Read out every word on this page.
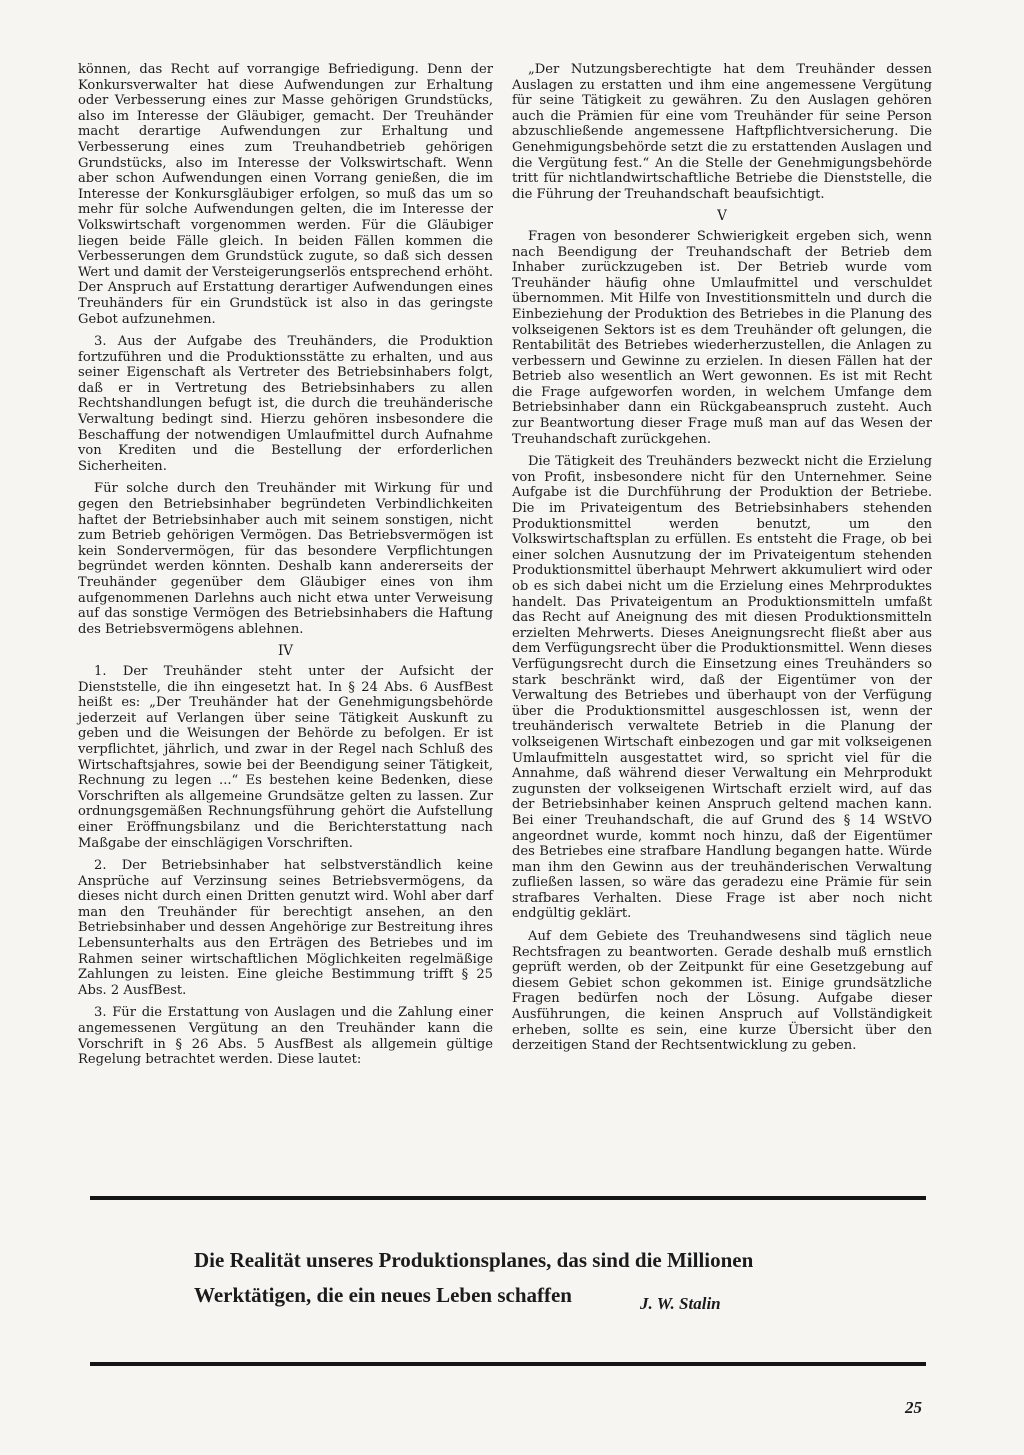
können, das Recht auf vorrangige Befriedigung. Denn der Konkursverwalter hat diese Aufwendungen zur Erhaltung oder Verbesserung eines zur Masse gehörigen Grundstücks, also im Interesse der Gläubiger, gemacht. Der Treuhänder macht derartige Aufwendungen zur Erhaltung und Verbesserung eines zum Treuhandbetrieb gehörigen Grundstücks, also im Interesse der Volkswirtschaft. Wenn aber schon Aufwendungen einen Vorrang genießen, die im Interesse der Konkursgläubiger erfolgen, so muß das um so mehr für solche Aufwendungen gelten, die im Interesse der Volkswirtschaft vorgenommen werden. Für die Gläubiger liegen beide Fälle gleich. In beiden Fällen kommen die Verbesserungen dem Grundstück zugute, so daß sich dessen Wert und damit der Versteigerungserlös entsprechend erhöht. Der Anspruch auf Erstattung derartiger Aufwendungen eines Treuhänders für ein Grundstück ist also in das geringste Gebot aufzunehmen.

3. Aus der Aufgabe des Treuhänders, die Produktion fortzuführen und die Produktionsstätte zu erhalten, und aus seiner Eigenschaft als Vertreter des Betriebsinhabers folgt, daß er in Vertretung des Betriebsinhabers zu allen Rechtshandlungen befugt ist, die durch die treuhänderische Verwaltung bedingt sind. Hierzu gehören insbesondere die Beschaffung der notwendigen Umlaufmittel durch Aufnahme von Krediten und die Bestellung der erforderlichen Sicherheiten.

Für solche durch den Treuhänder mit Wirkung für und gegen den Betriebsinhaber begründeten Verbindlichkeiten haftet der Betriebsinhaber auch mit seinem sonstigen, nicht zum Betrieb gehörigen Vermögen. Das Betriebsvermögen ist kein Sondervermögen, für das besondere Verpflichtungen begründet werden könnten. Deshalb kann andererseits der Treuhänder gegenüber dem Gläubiger eines von ihm aufgenommenen Darlehns auch nicht etwa unter Verweisung auf das sonstige Vermögen des Betriebsinhabers die Haftung des Betriebsvermögens ablehnen.

IV

1. Der Treuhänder steht unter der Aufsicht der Dienststelle, die ihn eingesetzt hat. In § 24 Abs. 6 AusfBest heißt es: „Der Treuhänder hat der Genehmigungsbehörde jederzeit auf Verlangen über seine Tätigkeit Auskunft zu geben und die Weisungen der Behörde zu befolgen. Er ist verpflichtet, jährlich, und zwar in der Regel nach Schluß des Wirtschaftsjahres, sowie bei der Beendigung seiner Tätigkeit, Rechnung zu legen ...“ Es bestehen keine Bedenken, diese Vorschriften als allgemeine Grundsätze gelten zu lassen. Zur ordnungsgemäßen Rechnungsführung gehört die Aufstellung einer Eröffnungsbilanz und die Berichterstattung nach Maßgabe der einschlägigen Vorschriften.

2. Der Betriebsinhaber hat selbstverständlich keine Ansprüche auf Verzinsung seines Betriebsvermögens, da dieses nicht durch einen Dritten genutzt wird. Wohl aber darf man den Treuhänder für berechtigt ansehen, an den Betriebsinhaber und dessen Angehörige zur Bestreitung ihres Lebensunterhalts aus den Erträgen des Betriebes und im Rahmen seiner wirtschaftlichen Möglichkeiten regelmäßige Zahlungen zu leisten. Eine gleiche Bestimmung trifft § 25 Abs. 2 AusfBest.

3. Für die Erstattung von Auslagen und die Zahlung einer angemessenen Vergütung an den Treuhänder kann die Vorschrift in § 26 Abs. 5 AusfBest als allgemein gültige Regelung betrachtet werden. Diese lautet:

„Der Nutzungsberechtigte hat dem Treuhänder dessen Auslagen zu erstatten und ihm eine angemessene Vergütung für seine Tätigkeit zu gewähren. Zu den Auslagen gehören auch die Prämien für eine vom Treuhänder für seine Person abzuschließende angemessene Haftpflichtversicherung. Die Genehmigungsbehörde setzt die zu erstattenden Auslagen und die Vergütung fest.“ An die Stelle der Genehmigungsbehörde tritt für nichtlandwirtschaftliche Betriebe die Dienststelle, die die Führung der Treuhandschaft beaufsichtigt.

V

Fragen von besonderer Schwierigkeit ergeben sich, wenn nach Beendigung der Treuhandschaft der Betrieb dem Inhaber zurückzugeben ist. Der Betrieb wurde vom Treuhänder häufig ohne Umlaufmittel und verschuldet übernommen. Mit Hilfe von Investitionsmitteln und durch die Einbeziehung der Produktion des Betriebes in die Planung des volkseigenen Sektors ist es dem Treuhänder oft gelungen, die Rentabilität des Betriebes wiederherzustellen, die Anlagen zu verbessern und Gewinne zu erzielen. In diesen Fällen hat der Betrieb also wesentlich an Wert gewonnen. Es ist mit Recht die Frage aufgeworfen worden, in welchem Umfange dem Betriebsinhaber dann ein Rückgabeanspruch zusteht. Auch zur Beantwortung dieser Frage muß man auf das Wesen der Treuhandschaft zurückgehen.

Die Tätigkeit des Treuhänders bezweckt nicht die Erzielung von Profit, insbesondere nicht für den Unternehmer. Seine Aufgabe ist die Durchführung der Produktion der Betriebe. Die im Privateigentum des Betriebsinhabers stehenden Produktionsmittel werden benutzt, um den Volkswirtschaftsplan zu erfüllen. Es entsteht die Frage, ob bei einer solchen Ausnutzung der im Privateigentum stehenden Produktionsmittel überhaupt Mehrwert akkumuliert wird oder ob es sich dabei nicht um die Erzielung eines Mehrproduktes handelt. Das Privateigentum an Produktionsmitteln umfaßt das Recht auf Aneignung des mit diesen Produktionsmitteln erzielten Mehrwerts. Dieses Aneignungsrecht fließt aber aus dem Verfügungsrecht über die Produktionsmittel. Wenn dieses Verfügungsrecht durch die Einsetzung eines Treuhänders so stark beschränkt wird, daß der Eigentümer von der Verwaltung des Betriebes und überhaupt von der Verfügung über die Produktionsmittel ausgeschlossen ist, wenn der treuhänderisch verwaltete Betrieb in die Planung der volkseigenen Wirtschaft einbezogen und gar mit volkseigenen Umlaufmitteln ausgestattet wird, so spricht viel für die Annahme, daß während dieser Verwaltung ein Mehrprodukt zugunsten der volkseigenen Wirtschaft erzielt wird, auf das der Betriebsinhaber keinen Anspruch geltend machen kann. Bei einer Treuhandschaft, die auf Grund des § 14 WStVO angeordnet wurde, kommt noch hinzu, daß der Eigentümer des Betriebes eine strafbare Handlung begangen hatte. Würde man ihm den Gewinn aus der treuhänderischen Verwaltung zufließen lassen, so wäre das geradezu eine Prämie für sein strafbares Verhalten. Diese Frage ist aber noch nicht endgültig geklärt.

Auf dem Gebiete des Treuhandwesens sind täglich neue Rechtsfragen zu beantworten. Gerade deshalb muß ernstlich geprüft werden, ob der Zeitpunkt für eine Gesetzgebung auf diesem Gebiet schon gekommen ist. Einige grundsätzliche Fragen bedürfen noch der Lösung. Aufgabe dieser Ausführungen, die keinen Anspruch auf Vollständigkeit erheben, sollte es sein, eine kurze Übersicht über den derzeitigen Stand der Rechtsentwicklung zu geben.

Die Realität unseres Produktionsplanes, das sind die Millionen
Werktätigen, die ein neues Leben schaffen	J. W. Stalin
25
